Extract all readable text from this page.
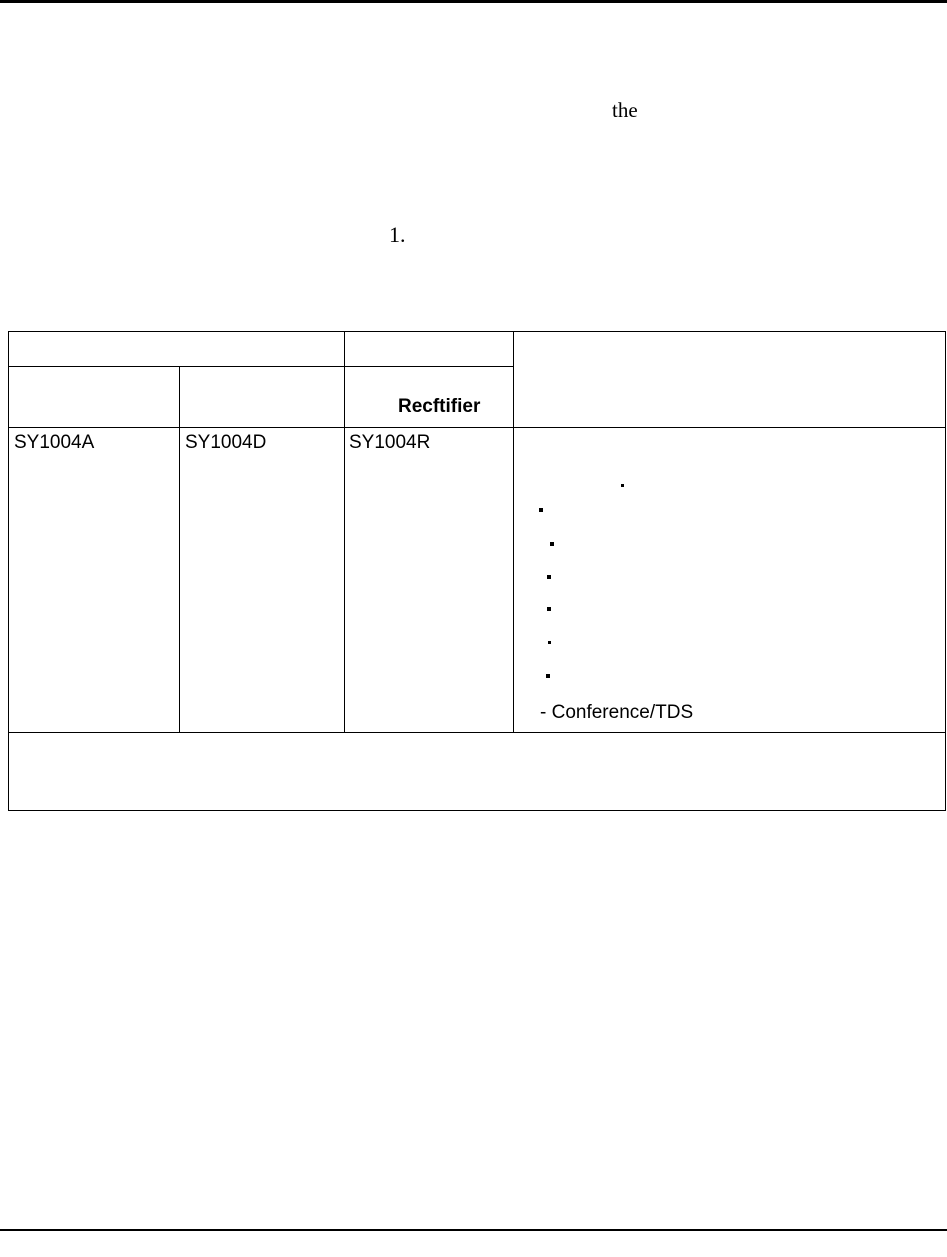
the
1.
Recftifier
SY1004A	SY1004D	SY1004R
- Conference/TDS
